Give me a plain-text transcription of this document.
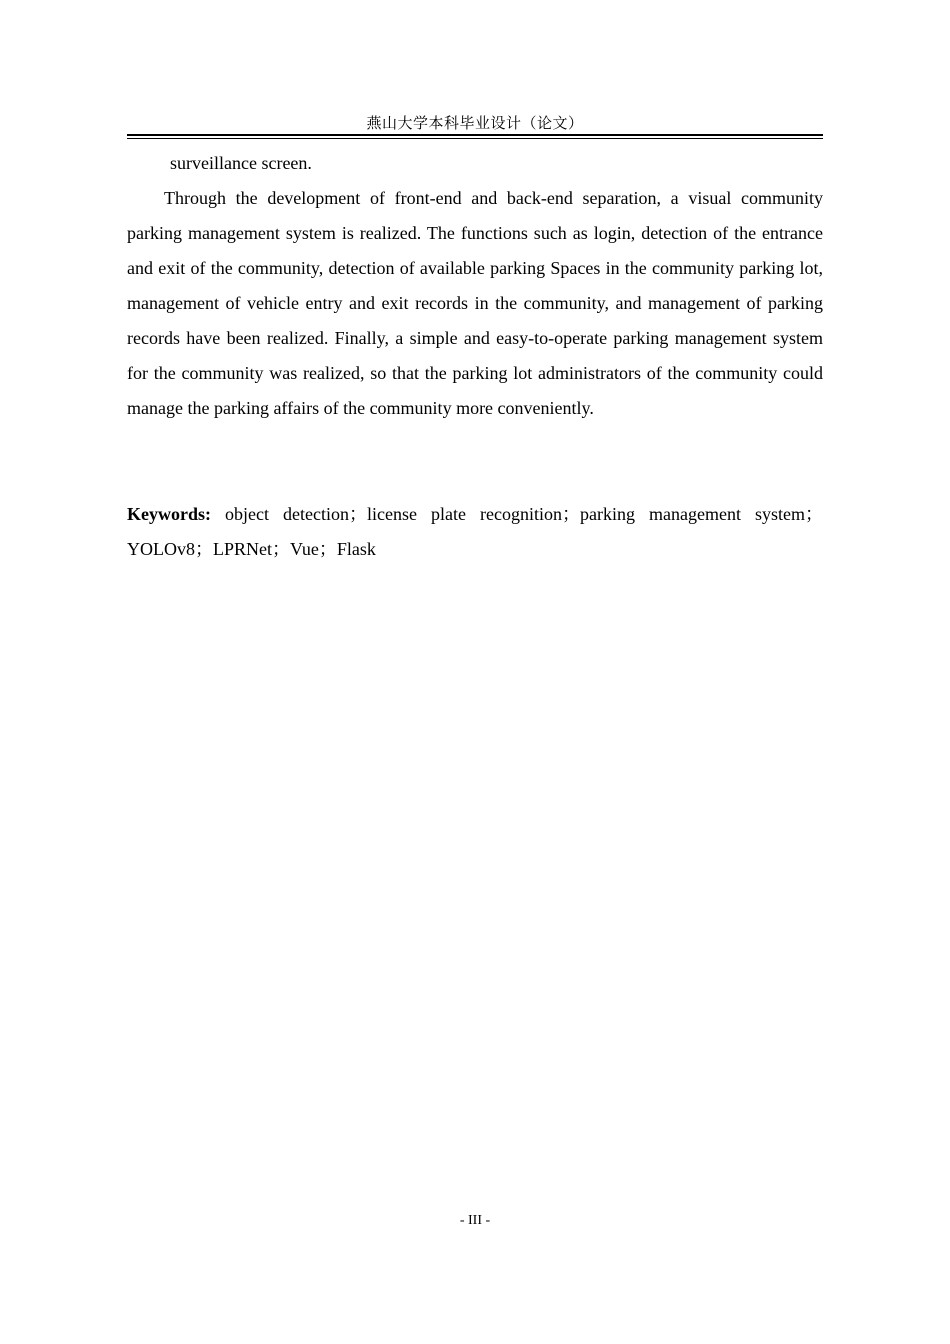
燕山大学本科毕业设计（论文）

surveillance screen.

Through the development of front-end and back-end separation, a visual community parking management system is realized. The functions such as login, detection of the entrance and exit of the community, detection of available parking Spaces in the community parking lot, management of vehicle entry and exit records in the community, and management of parking records have been realized. Finally, a simple and easy-to-operate parking management system for the community was realized, so that the parking lot administrators of the community could manage the parking affairs of the community more conveniently.

Keywords: object detection；license plate recognition；parking management system；YOLOv8；LPRNet；Vue；Flask

- III -
